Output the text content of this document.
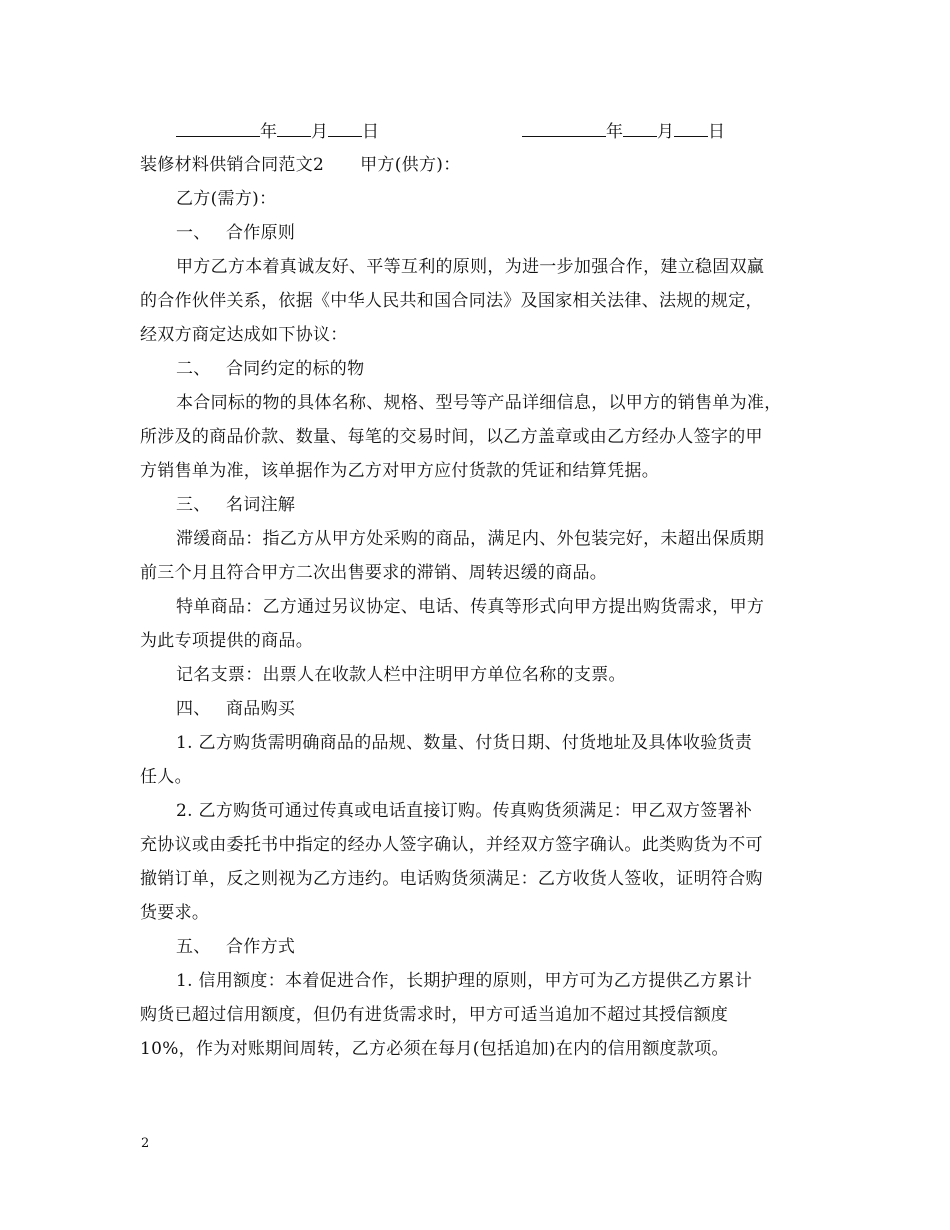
年 月 日	年 月 日
装修材料供销合同范文2 甲方(供方)：
乙方(需方)：
一、 合作原则
甲方乙方本着真诚友好、平等互利的原则，为进一步加强合作，建立稳固双赢
的合作伙伴关系，依据《中华人民共和国合同法》及国家相关法律、法规的规定，
经双方商定达成如下协议：
二、 合同约定的标的物
本合同标的物的具体名称、规格、型号等产品详细信息，以甲方的销售单为准，
所涉及的商品价款、数量、每笔的交易时间，以乙方盖章或由乙方经办人签字的甲
方销售单为准，该单据作为乙方对甲方应付货款的凭证和结算凭据。
三、 名词注解
滞缓商品：指乙方从甲方处采购的商品，满足内、外包装完好，未超出保质期
前三个月且符合甲方二次出售要求的滞销、周转迟缓的商品。
特单商品：乙方通过另议协定、电话、传真等形式向甲方提出购货需求，甲方
为此专项提供的商品。
记名支票：出票人在收款人栏中注明甲方单位名称的支票。
四、 商品购买
1. 乙方购货需明确商品的品规、数量、付货日期、付货地址及具体收验货责
任人。
2. 乙方购货可通过传真或电话直接订购。传真购货须满足：甲乙双方签署补
充协议或由委托书中指定的经办人签字确认，并经双方签字确认。此类购货为不可
撤销订单，反之则视为乙方违约。电话购货须满足：乙方收货人签收，证明符合购
货要求。
五、 合作方式
1. 信用额度：本着促进合作，长期护理的原则，甲方可为乙方提供乙方累计
购货已超过信用额度，但仍有进货需求时，甲方可适当追加不超过其授信额度
10%，作为对账期间周转，乙方必须在每月(包括追加)在内的信用额度款项。
2
